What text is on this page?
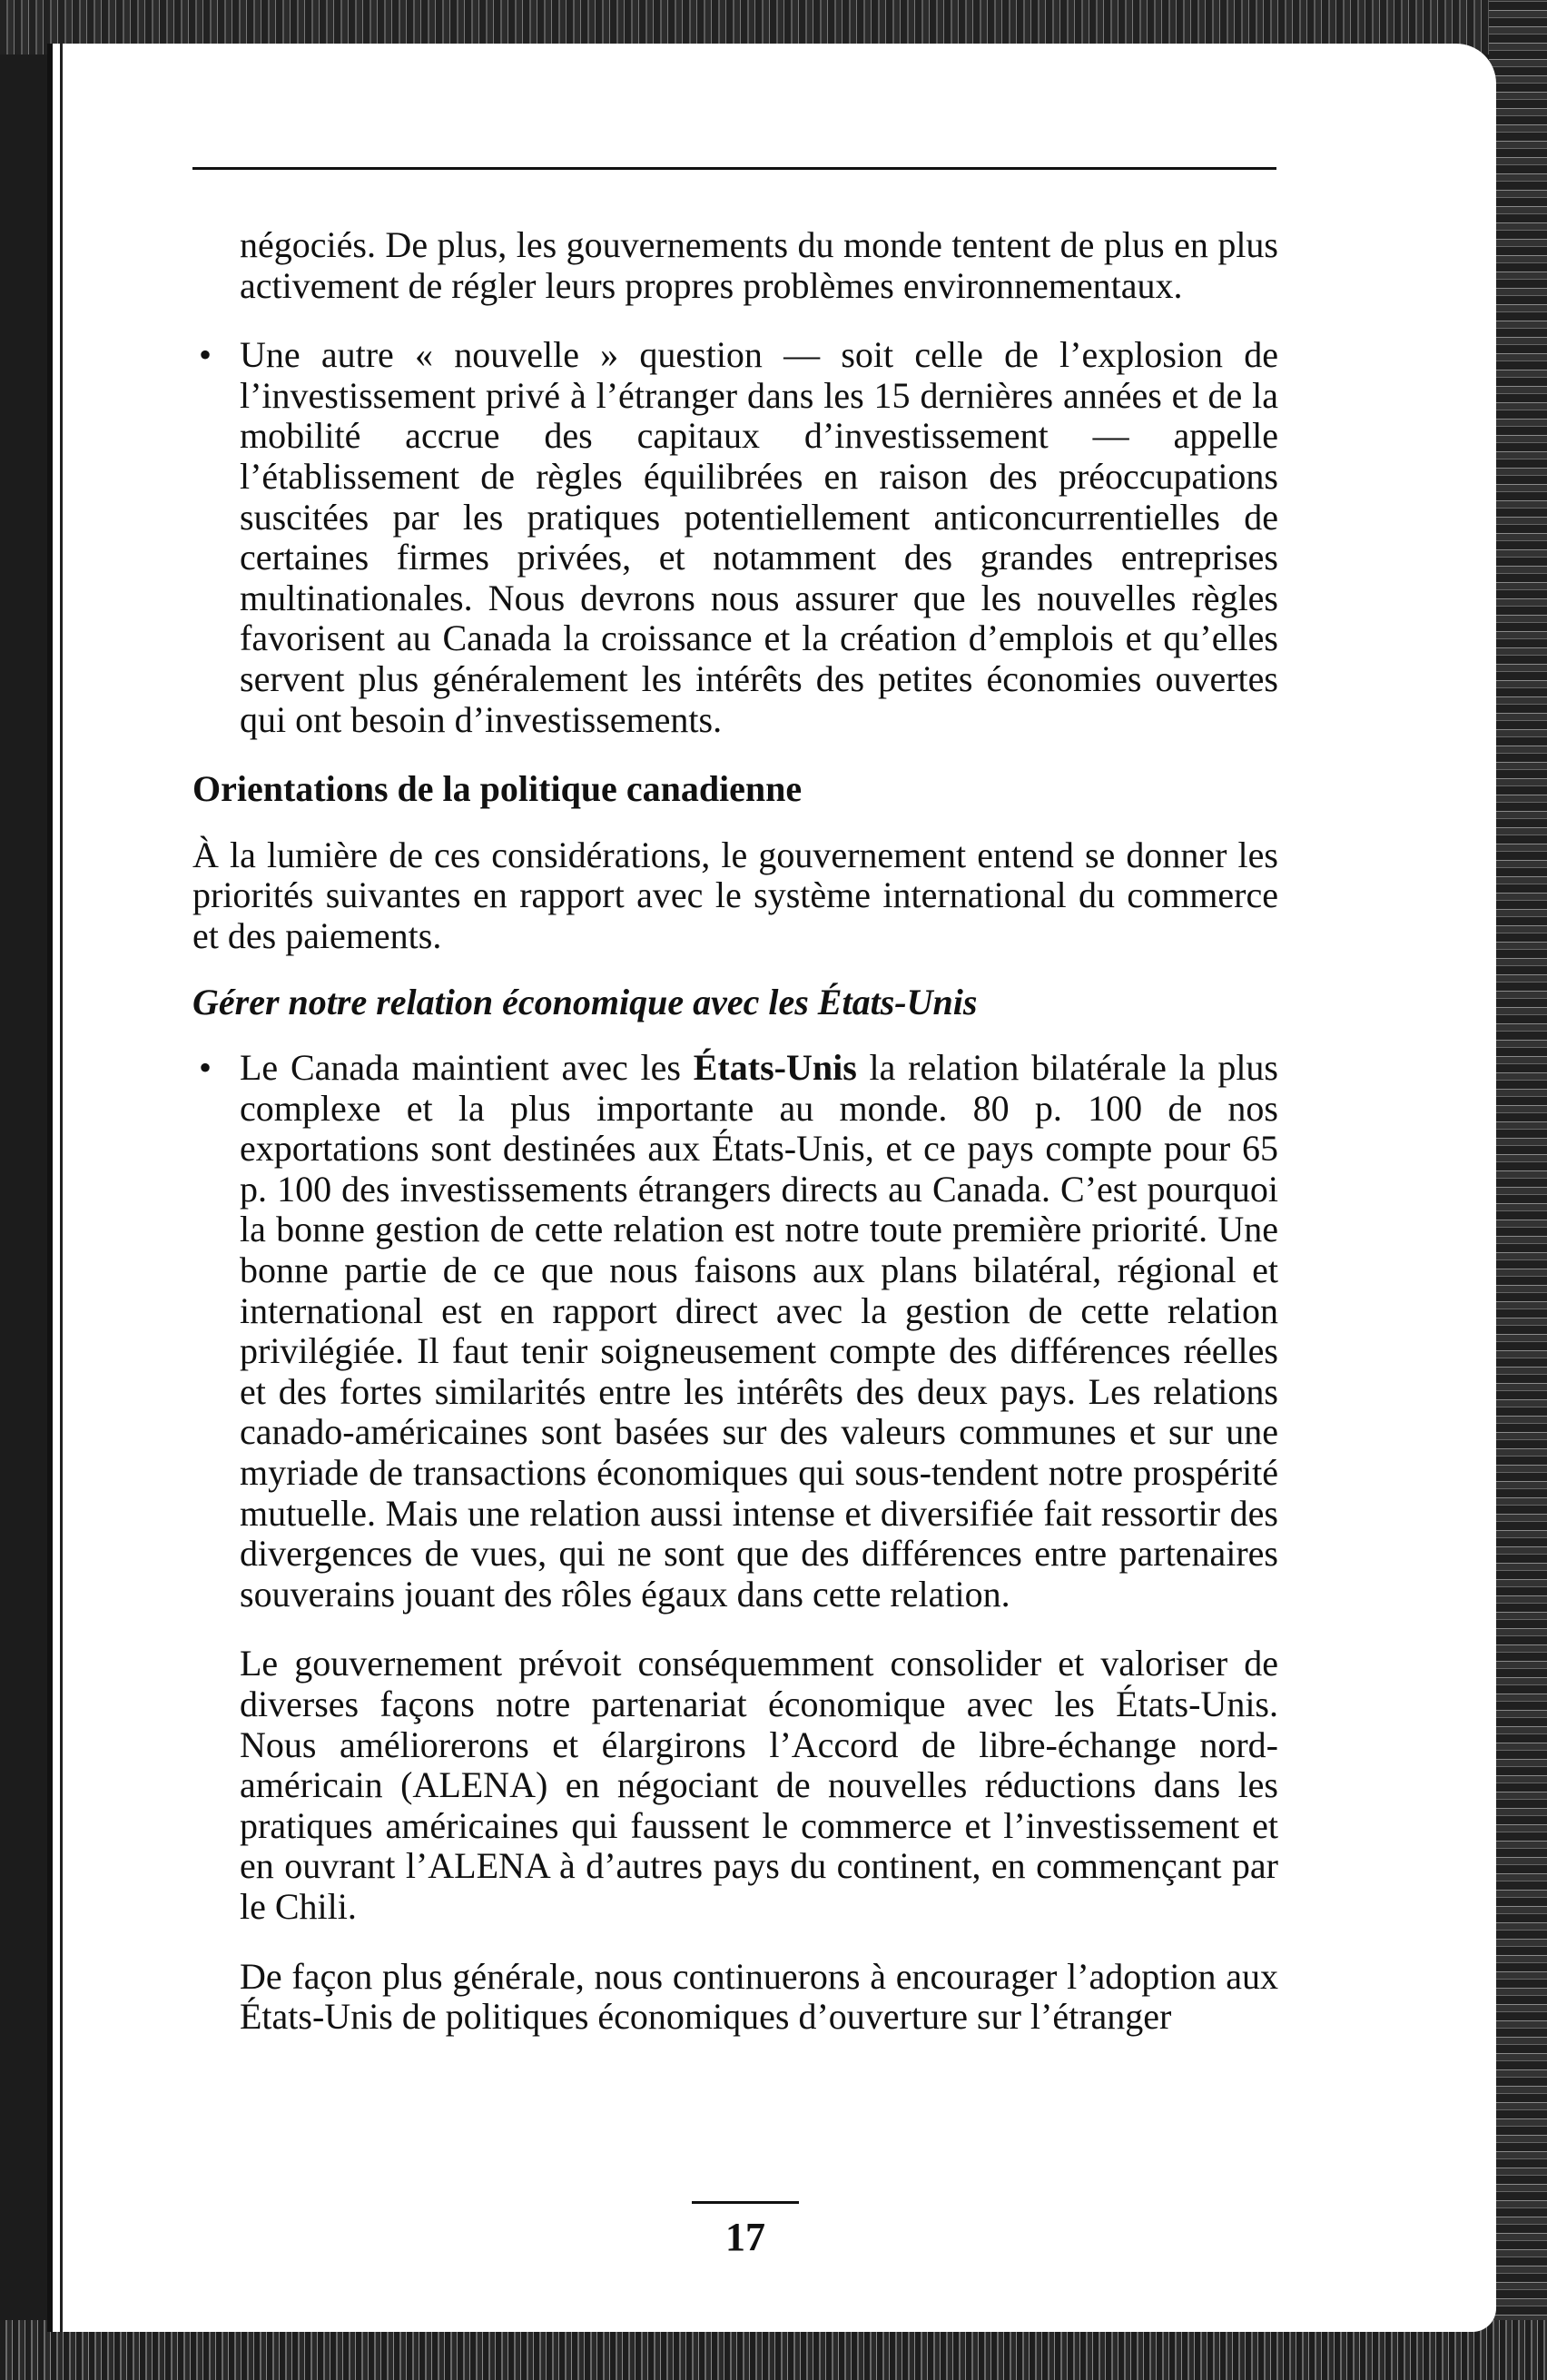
négociés. De plus, les gouvernements du monde tentent de plus en plus activement de régler leurs propres problèmes environnementaux.

• Une autre « nouvelle » question — soit celle de l’explosion de l’investissement privé à l’étranger dans les 15 dernières années et de la mobilité accrue des capitaux d’investissement — appelle l’établissement de règles équilibrées en raison des préoccupations suscitées par les pratiques potentiellement anticoncurrentielles de certaines firmes privées, et notamment des grandes entreprises multinationales. Nous devrons nous assurer que les nouvelles règles favorisent au Canada la croissance et la création d’emplois et qu’elles servent plus généralement les intérêts des petites économies ouvertes qui ont besoin d’investissements.

Orientations de la politique canadienne

À la lumière de ces considérations, le gouvernement entend se donner les priorités suivantes en rapport avec le système international du commerce et des paiements.

Gérer notre relation économique avec les États-Unis

• Le Canada maintient avec les États-Unis la relation bilatérale la plus complexe et la plus importante au monde. 80 p. 100 de nos exportations sont destinées aux États-Unis, et ce pays compte pour 65 p. 100 des investissements étrangers directs au Canada. C’est pourquoi la bonne gestion de cette relation est notre toute première priorité. Une bonne partie de ce que nous faisons aux plans bilatéral, régional et international est en rapport direct avec la gestion de cette relation privilégiée. Il faut tenir soigneusement compte des différences réelles et des fortes similarités entre les intérêts des deux pays. Les relations canado-américaines sont basées sur des valeurs communes et sur une myriade de transactions économiques qui sous-tendent notre prospérité mutuelle. Mais une relation aussi intense et diversifiée fait ressortir des divergences de vues, qui ne sont que des différences entre partenaires souverains jouant des rôles égaux dans cette relation.

Le gouvernement prévoit conséquemment consolider et valoriser de diverses façons notre partenariat économique avec les États-Unis. Nous améliorerons et élargirons l’Accord de libre-échange nord-américain (ALENA) en négociant de nouvelles réductions dans les pratiques américaines qui faussent le commerce et l’investissement et en ouvrant l’ALENA à d’autres pays du continent, en commençant par le Chili.

De façon plus générale, nous continuerons à encourager l’adoption aux États-Unis de politiques économiques d’ouverture sur l’étranger

17
